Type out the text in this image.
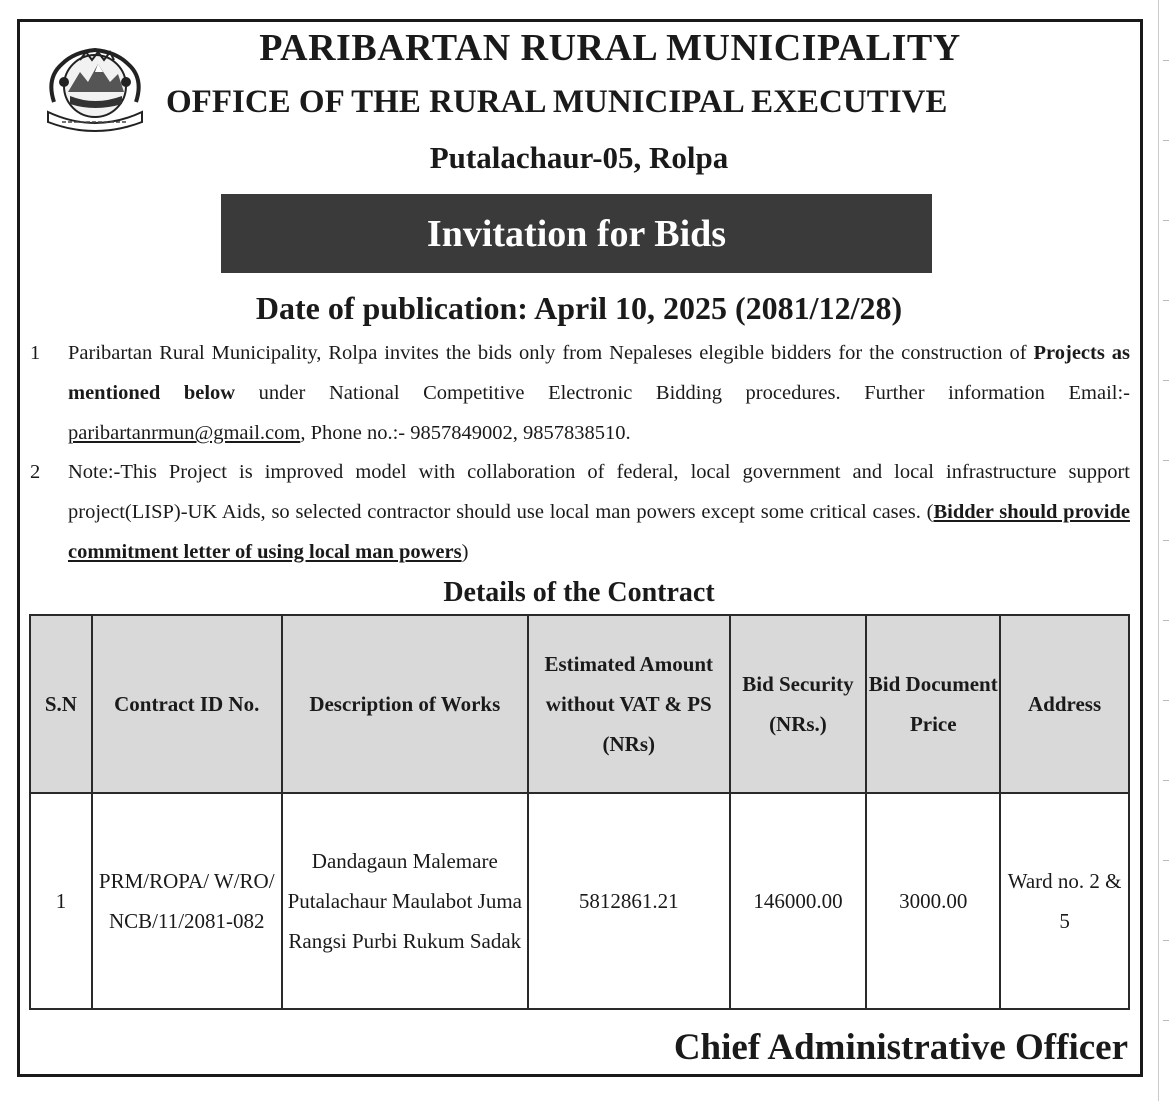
PARIBARTAN RURAL MUNICIPALITY
OFFICE OF THE RURAL MUNICIPAL EXECUTIVE
Putalachaur-05, Rolpa
Invitation for Bids
Date of publication: April 10, 2025 (2081/12/28)
1 Paribartan Rural Municipality, Rolpa invites the bids only from Nepaleses elegible bidders for the construction of Projects as mentioned below under National Competitive Electronic Bidding procedures. Further information Email:- paribartanrmun@gmail.com, Phone no.:- 9857849002, 9857838510.
2 Note:-This Project is improved model with collaboration of federal, local government and local infrastructure support project(LISP)-UK Aids, so selected contractor should use local man powers except some critical cases. (Bidder should provide commitment letter of using local man powers)
Details of the Contract
S.N	Contract ID No.	Description of Works	Estimated Amount without VAT & PS (NRs)	Bid Security (NRs.)	Bid Document Price	Address
1	PRM/ROPA/ W/RO/ NCB/11/2081-082	Dandagaun Malemare Putalachaur Maulabot Juma Rangsi Purbi Rukum Sadak	5812861.21	146000.00	3000.00	Ward no. 2 & 5
Chief Administrative Officer
